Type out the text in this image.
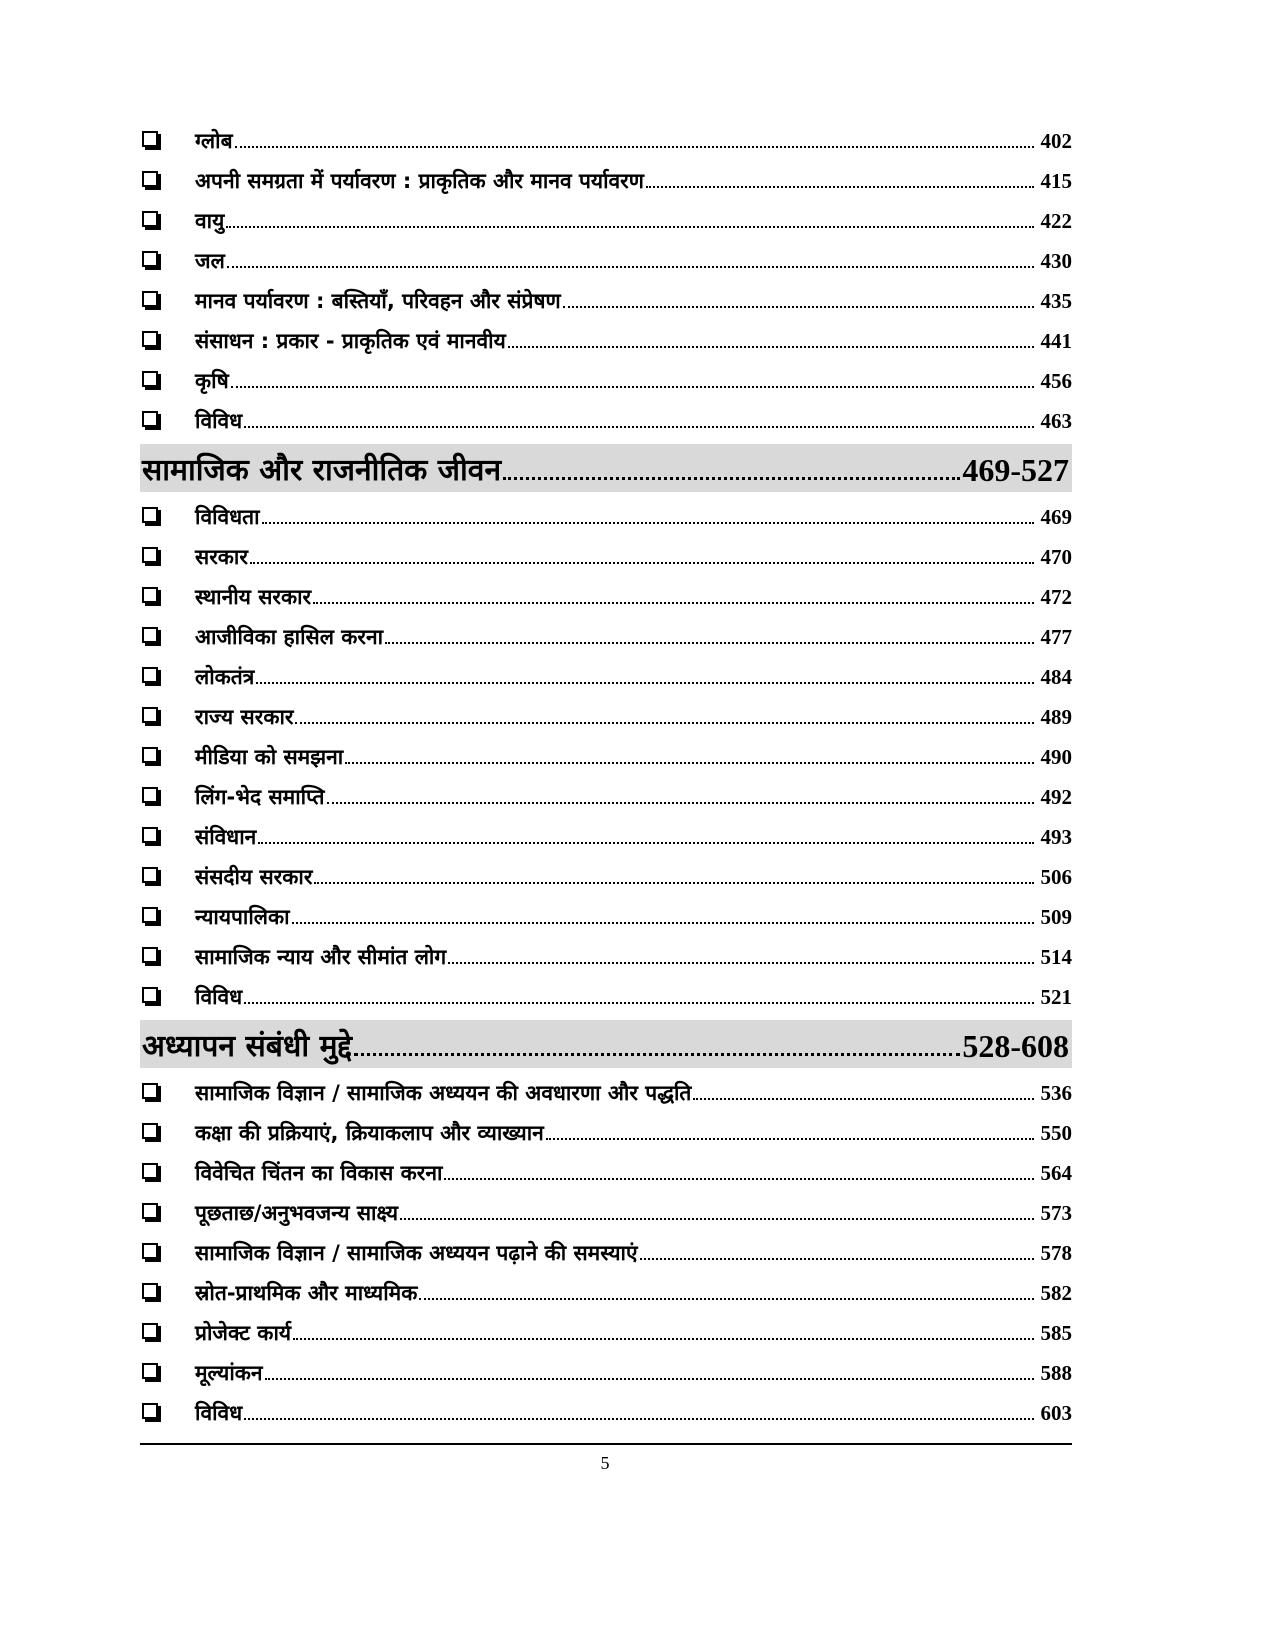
ग्लोब	402
अपनी समग्रता में पर्यावरण : प्राकृतिक और मानव पर्यावरण	415
वायु	422
जल	430
मानव पर्यावरण : बस्तियाँ, परिवहन और संप्रेषण	435
संसाधन : प्रकार - प्राकृतिक एवं मानवीय	441
कृषि	456
विविध	463
सामाजिक और राजनीतिक जीवन	469-527
विविधता	469
सरकार	470
स्थानीय सरकार	472
आजीविका हासिल करना	477
लोकतंत्र	484
राज्य सरकार	489
मीडिया को समझना	490
लिंग-भेद समाप्ति	492
संविधान	493
संसदीय सरकार	506
न्यायपालिका	509
सामाजिक न्याय और सीमांत लोग	514
विविध	521
अध्यापन संबंधी मुद्दे	528-608
सामाजिक विज्ञान / सामाजिक अध्ययन की अवधारणा और पद्धति	536
कक्षा की प्रक्रियाएं, क्रियाकलाप और व्याख्यान	550
विवेचित चिंतन का विकास करना	564
पूछताछ/अनुभवजन्य साक्ष्य	573
सामाजिक विज्ञान / सामाजिक अध्ययन पढ़ाने की समस्याएं	578
स्रोत-प्राथमिक और माध्यमिक	582
प्रोजेक्ट कार्य	585
मूल्यांकन	588
विविध	603
5
